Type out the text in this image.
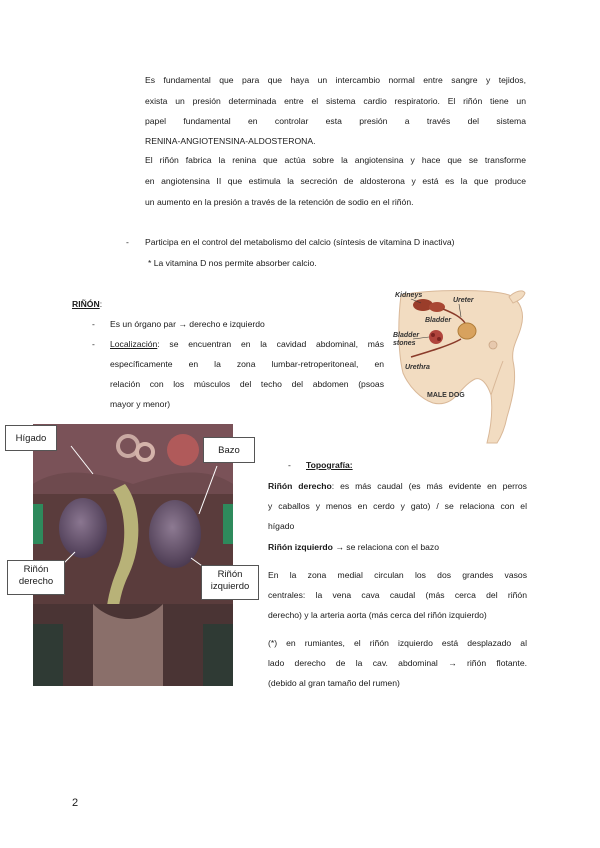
Es fundamental que para que haya un intercambio normal entre sangre y tejidos,

exista un presión determinada entre el sistema cardio respiratorio. El riñón tiene un

papel fundamental en controlar esta presión a través del sistema

RENINA-ANGIOTENSINA-ALDOSTERONA.

El riñón fabrica la renina que actúa sobre la angiotensina y hace que se transforme

en angiotensina II que estimula la secreción de aldosterona y está es la que produce

un aumento en la presión a través de la retención de sodio en el riñón.

- Participa en el control del metabolismo del calcio (síntesis de vitamina D inactiva)

* La vitamina D nos permite absorber calcio.

RIÑÓN:

- Es un órgano par → derecho e izquierdo

- Localización: se encuentran en la cavidad abdominal, más

específicamente en la zona lumbar-retroperitoneal, en

relación con los músculos del techo del abdomen (psoas

mayor y menor)

Kidneys
Ureter
Bladder
Bladder stones
Urethra
MALE DOG
Hígado
Bazo
Riñón
derecho
Riñón
izquierdo
- Topografía:

Riñón derecho: es más caudal (es más evidente en perros

y caballos y menos en cerdo y gato) / se relaciona con el

hígado

Riñón izquierdo → se relaciona con el bazo

En la zona medial circulan los dos grandes vasos

centrales: la vena cava caudal (más cerca del riñón

derecho) y la arteria aorta (más cerca del riñón izquierdo)

(*) en rumiantes, el riñón izquierdo está desplazado al

lado derecho de la cav. abdominal → riñón flotante.

(debido al gran tamaño del rumen)

2
